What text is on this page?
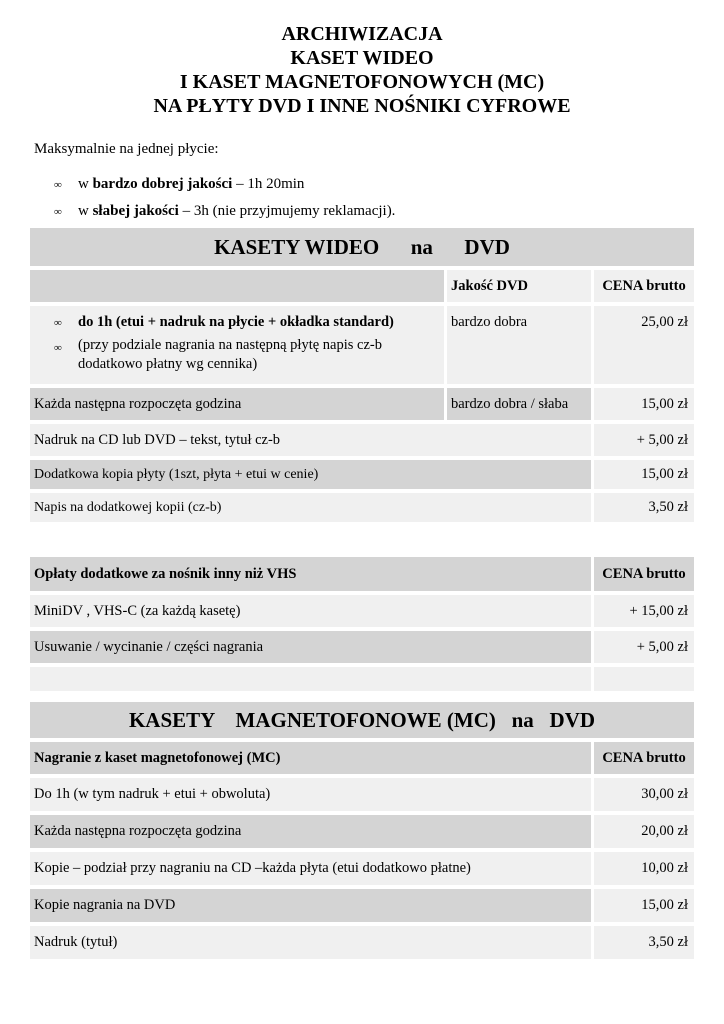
ARCHIWIZACJA
KASET WIDEO
I KASET MAGNETOFONOWYCH (MC)
NA PŁYTY DVD I INNE NOŚNIKI CYFROWE
Maksymalnie na jednej płycie:
∞	w bardzo dobrej jakości – 1h 20min
∞	w słabej jakości – 3h (nie przyjmujemy reklamacji).
KASETY WIDEO      na      DVD		
	Jakość DVD	CENA brutto

∞ do 1h (etui + nadruk na płycie + okładka standard)
∞ (przy podziale nagrania na następną płytę napis cz-b dodatkowo płatny wg cennika)	bardzo dobra	25,00 zł
Każda następna rozpoczęta godzina	bardzo dobra / słaba	15,00 zł
Nadruk na CD lub DVD – tekst, tytuł cz-b		+ 5,00 zł
Dodatkowa kopia płyty (1szt, płyta + etui w cenie)		15,00 zł
Napis na dodatkowej kopii (cz-b)		3,50 zł
Opłaty dodatkowe za nośnik inny niż VHS	CENA brutto
MiniDV , VHS-C (za każdą kasetę)	+ 15,00 zł
Usuwanie / wycinanie / części nagrania	+ 5,00 zł

KASETY    MAGNETOFONOWE (MC)   na   DVD	
Nagranie z kaset magnetofonowej (MC)	CENA brutto
Do 1h (w tym nadruk + etui + obwoluta)	30,00 zł
Każda następna rozpoczęta godzina	20,00 zł
Kopie – podział przy nagraniu na CD –każda płyta (etui dodatkowo płatne)	10,00 zł
Kopie nagrania na DVD	15,00 zł
Nadruk (tytuł)	3,50 zł
